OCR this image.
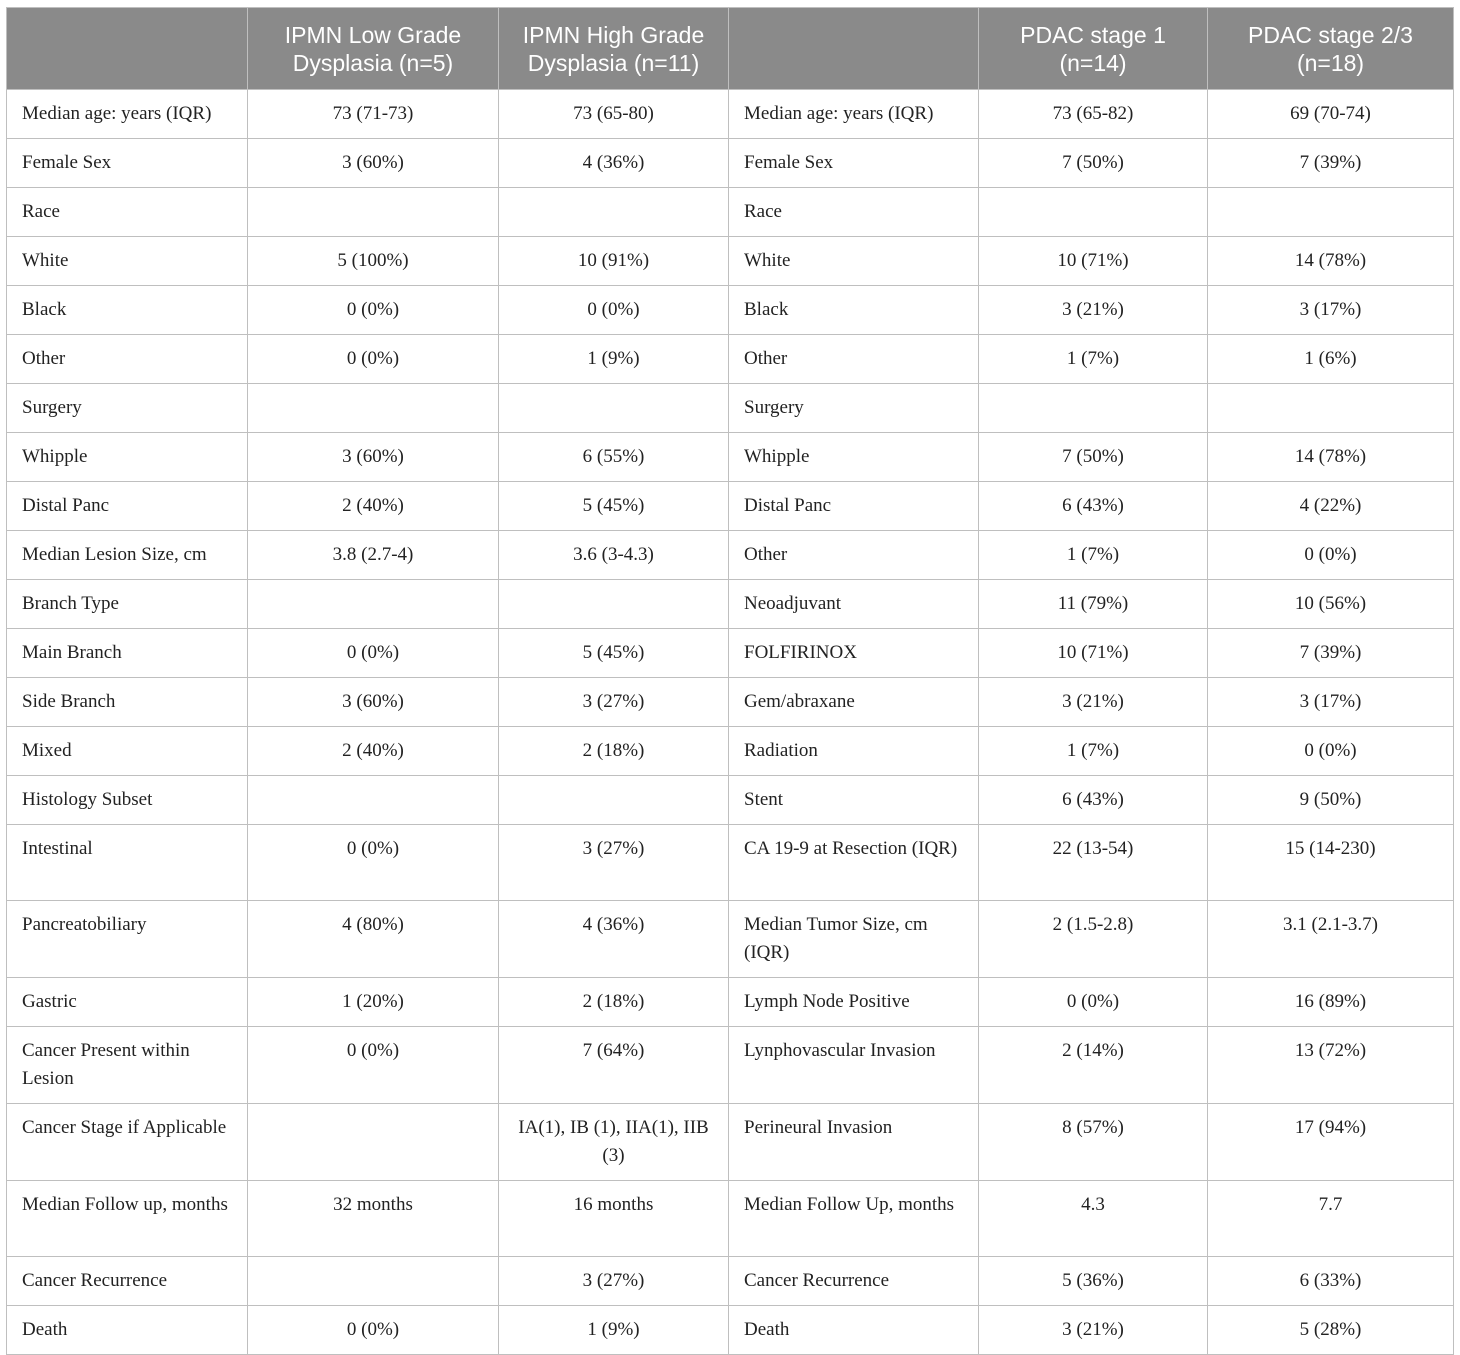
	IPMN Low Grade Dysplasia (n=5)	IPMN High Grade Dysplasia (n=11)		PDAC stage 1 (n=14)	PDAC stage 2/3 (n=18)
Median age: years (IQR)	73 (71-73)	73 (65-80)	Median age: years (IQR)	73 (65-82)	69 (70-74)
Female Sex	3 (60%)	4 (36%)	Female Sex	7 (50%)	7 (39%)
Race			Race		
White	5 (100%)	10 (91%)	White	10 (71%)	14 (78%)
Black	0 (0%)	0 (0%)	Black	3 (21%)	3 (17%)
Other	0 (0%)	1 (9%)	Other	1 (7%)	1 (6%)
Surgery			Surgery		
Whipple	3 (60%)	6 (55%)	Whipple	7 (50%)	14 (78%)
Distal Panc	2 (40%)	5 (45%)	Distal Panc	6 (43%)	4 (22%)
Median Lesion Size, cm	3.8 (2.7-4)	3.6 (3-4.3)	Other	1 (7%)	0 (0%)
Branch Type			Neoadjuvant	11 (79%)	10 (56%)
Main Branch	0 (0%)	5 (45%)	FOLFIRINOX	10 (71%)	7 (39%)
Side Branch	3 (60%)	3 (27%)	Gem/abraxane	3 (21%)	3 (17%)
Mixed	2 (40%)	2 (18%)	Radiation	1 (7%)	0 (0%)
Histology Subset			Stent	6 (43%)	9 (50%)
Intestinal	0 (0%)	3 (27%)	CA 19-9 at Resection (IQR)	22 (13-54)	15 (14-230)
Pancreatobiliary	4 (80%)	4 (36%)	Median Tumor Size, cm (IQR)	2 (1.5-2.8)	3.1 (2.1-3.7)
Gastric	1 (20%)	2 (18%)	Lymph Node Positive	0 (0%)	16 (89%)
Cancer Present within Lesion	0 (0%)	7 (64%)	Lynphovascular Invasion	2 (14%)	13 (72%)
Cancer Stage if Applicable		IA(1), IB (1), IIA(1), IIB (3)	Perineural Invasion	8 (57%)	17 (94%)
Median Follow up, months	32 months	16 months	Median Follow Up, months	4.3	7.7
Cancer Recurrence		3 (27%)	Cancer Recurrence	5 (36%)	6 (33%)
Death	0 (0%)	1 (9%)	Death	3 (21%)	5 (28%)
